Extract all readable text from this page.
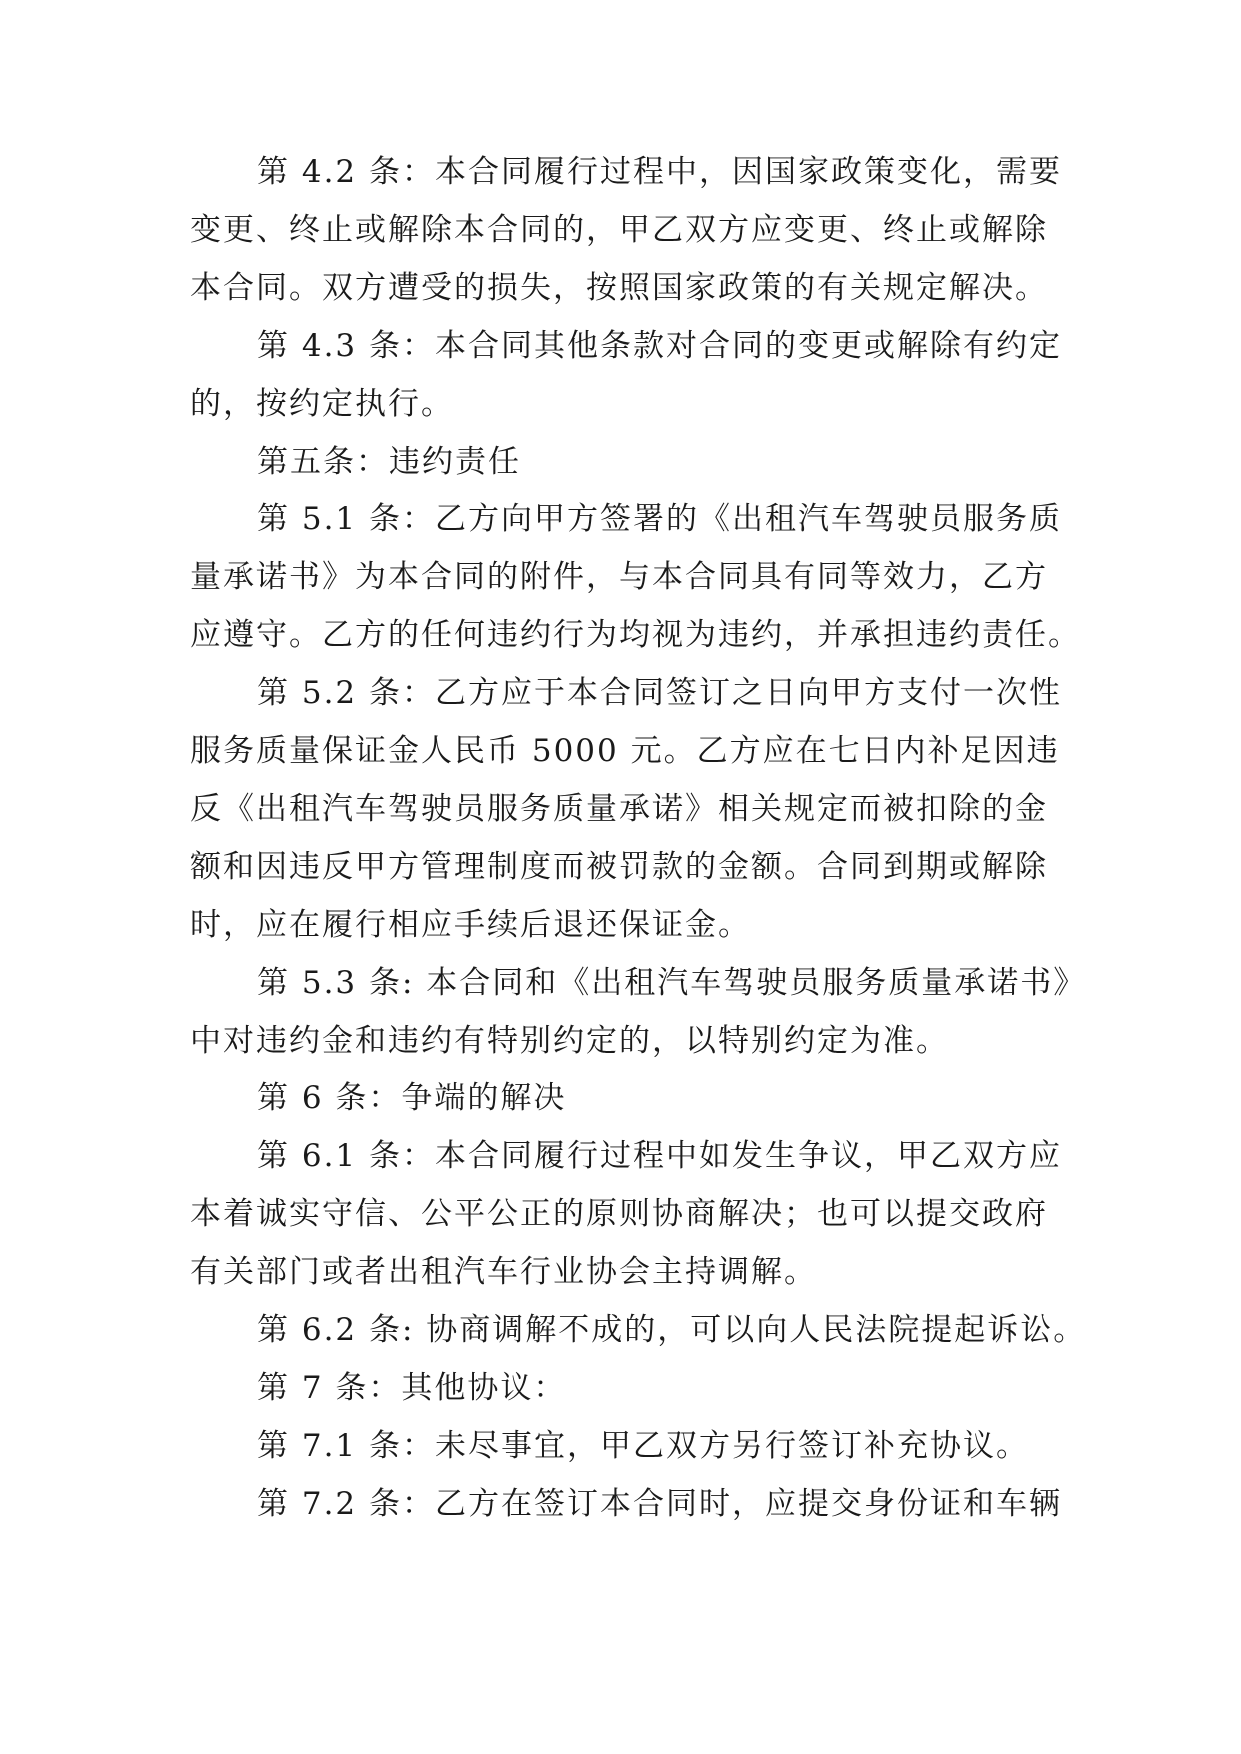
第 4.2 条：本合同履行过程中，因国家政策变化，需要
变更、终止或解除本合同的，甲乙双方应变更、终止或解除
本合同。双方遭受的损失，按照国家政策的有关规定解决。
第 4.3 条：本合同其他条款对合同的变更或解除有约定
的，按约定执行。
第五条：违约责任
第 5.1 条：乙方向甲方签署的《出租汽车驾驶员服务质
量承诺书》为本合同的附件，与本合同具有同等效力，乙方
应遵守。乙方的任何违约行为均视为违约，并承担违约责任。
第 5.2 条：乙方应于本合同签订之日向甲方支付一次性
服务质量保证金人民币 5000 元。乙方应在七日内补足因违
反《出租汽车驾驶员服务质量承诺》相关规定而被扣除的金
额和因违反甲方管理制度而被罚款的金额。合同到期或解除
时，应在履行相应手续后退还保证金。
第 5.3 条: 本合同和《出租汽车驾驶员服务质量承诺书》
中对违约金和违约有特别约定的，以特别约定为准。
第 6 条：争端的解决
第 6.1 条：本合同履行过程中如发生争议，甲乙双方应
本着诚实守信、公平公正的原则协商解决；也可以提交政府
有关部门或者出租汽车行业协会主持调解。
第 6.2 条: 协商调解不成的，可以向人民法院提起诉讼。
第 7 条：其他协议：
第 7.1 条：未尽事宜，甲乙双方另行签订补充协议。
第 7.2 条：乙方在签订本合同时，应提交身份证和车辆
